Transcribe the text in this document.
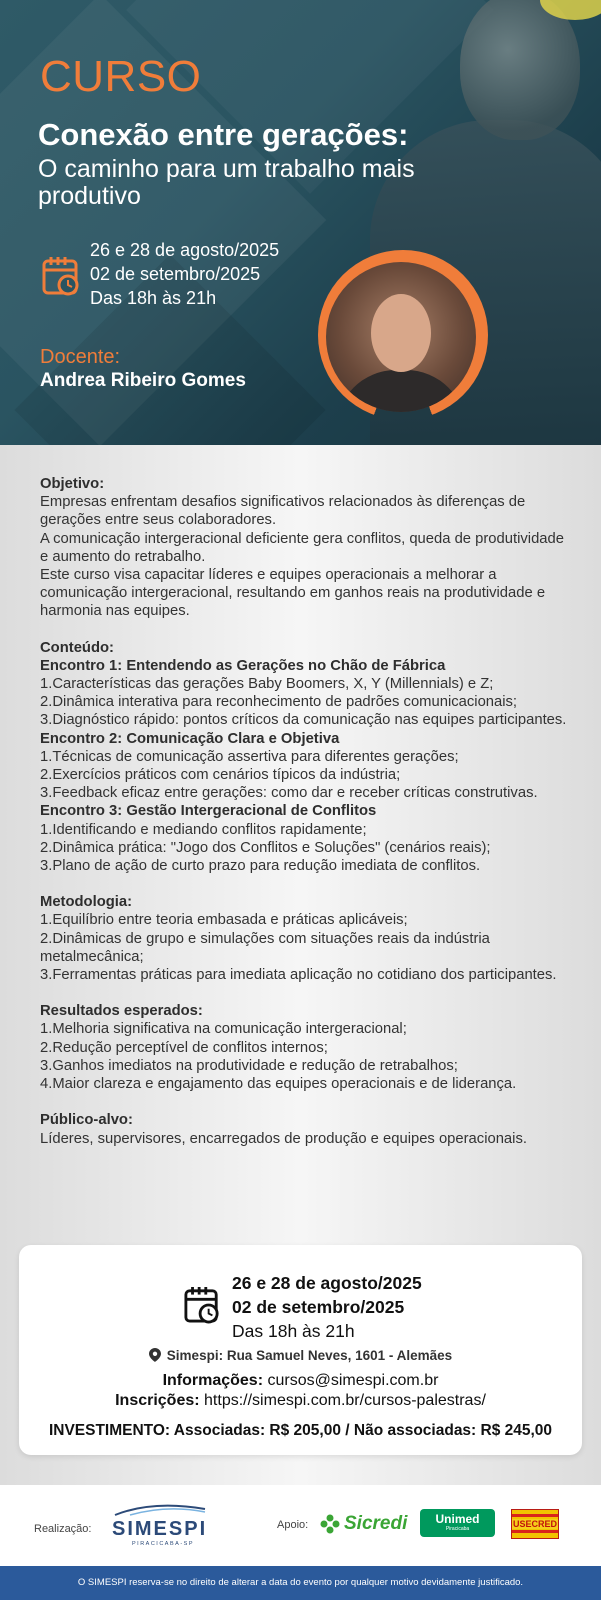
CURSO
Conexão entre gerações:
O caminho para um trabalho mais produtivo
26 e 28 de agosto/2025
02 de setembro/2025
Das 18h às 21h
Docente:
Andrea Ribeiro Gomes
Objetivo:
Empresas enfrentam desafios significativos relacionados às diferenças de gerações entre seus colaboradores.
A comunicação intergeracional deficiente gera conflitos, queda de produtividade e aumento do retrabalho.
Este curso visa capacitar líderes e equipes operacionais a melhorar a comunicação intergeracional, resultando em ganhos reais na produtividade e harmonia nas equipes.
Conteúdo:
Encontro 1: Entendendo as Gerações no Chão de Fábrica
1.Características das gerações Baby Boomers, X, Y (Millennials) e Z;
2.Dinâmica interativa para reconhecimento de padrões comunicacionais;
3.Diagnóstico rápido: pontos críticos da comunicação nas equipes participantes.
Encontro 2: Comunicação Clara e Objetiva
1.Técnicas de comunicação assertiva para diferentes gerações;
2.Exercícios práticos com cenários típicos da indústria;
3.Feedback eficaz entre gerações: como dar e receber críticas construtivas.
Encontro 3: Gestão Intergeracional de Conflitos
1.Identificando e mediando conflitos rapidamente;
2.Dinâmica prática: "Jogo dos Conflitos e Soluções" (cenários reais);
3.Plano de ação de curto prazo para redução imediata de conflitos.
Metodologia:
1.Equilíbrio entre teoria embasada e práticas aplicáveis;
2.Dinâmicas de grupo e simulações com situações reais da indústria metalmecânica;
3.Ferramentas práticas para imediata aplicação no cotidiano dos participantes.
Resultados esperados:
1.Melhoria significativa na comunicação intergeracional;
2.Redução perceptível de conflitos internos;
3.Ganhos imediatos na produtividade e redução de retrabalhos;
4.Maior clareza e engajamento das equipes operacionais e de liderança.
Público-alvo:
Líderes, supervisores, encarregados de produção e equipes operacionais.
26 e 28 de agosto/2025
02 de setembro/2025
Das 18h às 21h
Simespi: Rua Samuel Neves, 1601 - Alemães
Informações: cursos@simespi.com.br
Inscrições: https://simespi.com.br/cursos-palestras/
INVESTIMENTO: Associadas: R$ 205,00 / Não associadas: R$ 245,00
Realização: SIMESPI
PIRACICABA-SP
Apoio: Sicredi	Unimed
Piracicaba	USECRED
O SIMESPI reserva-se no direito de alterar a data do evento por qualquer motivo devidamente justificado.
